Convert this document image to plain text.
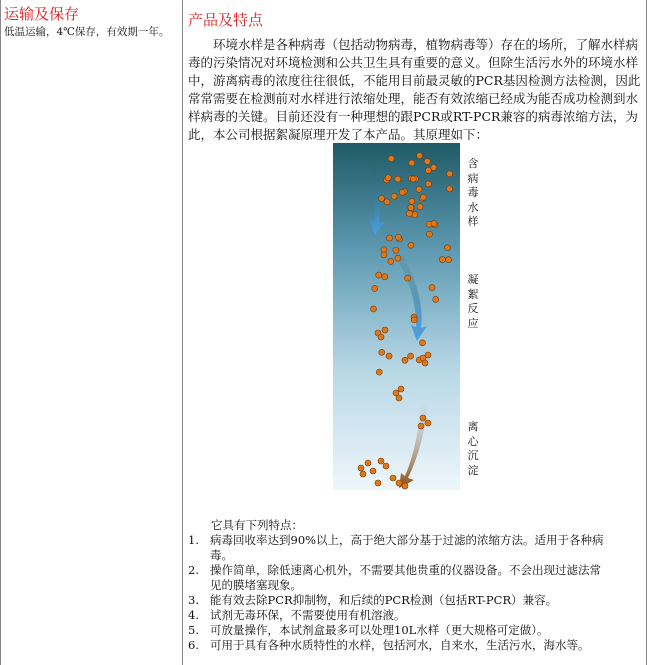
运输及保存
低温运输，4℃保存，有效期一年。
产品及特点
　　环境水样是各种病毒（包括动物病毒，植物病毒等）存在的场所，了解水样病
毒的污染情况对环境检测和公共卫生具有重要的意义。但除生活污水外的环境水样
中，游离病毒的浓度往往很低，不能用目前最灵敏的PCR基因检测方法检测，因此
常常需要在检测前对水样进行浓缩处理，能否有效浓缩已经成为能否成功检测到水
样病毒的关键。目前还没有一种理想的跟PCR或RT-PCR兼容的病毒浓缩方法，为
此，本公司根据絮凝原理开发了本产品。其原理如下：
含
病
毒
水
样
凝
絮
反
应
离
心
沉
淀
　　它具有下列特点：
1. 病毒回收率达到90%以上，高于绝大部分基于过滤的浓缩方法。适用于各种病
毒。
2. 操作简单，除低速离心机外，不需要其他贵重的仪器设备。不会出现过滤法常
见的膜堵塞现象。
3. 能有效去除PCR抑制物，和后续的PCR检测（包括RT-PCR）兼容。
4. 试剂无毒环保，不需要使用有机溶液。
5. 可放量操作，本试剂盒最多可以处理10L水样（更大规格可定做）。
6. 可用于具有各种水质特性的水样，包括河水，自来水，生活污水，海水等。
